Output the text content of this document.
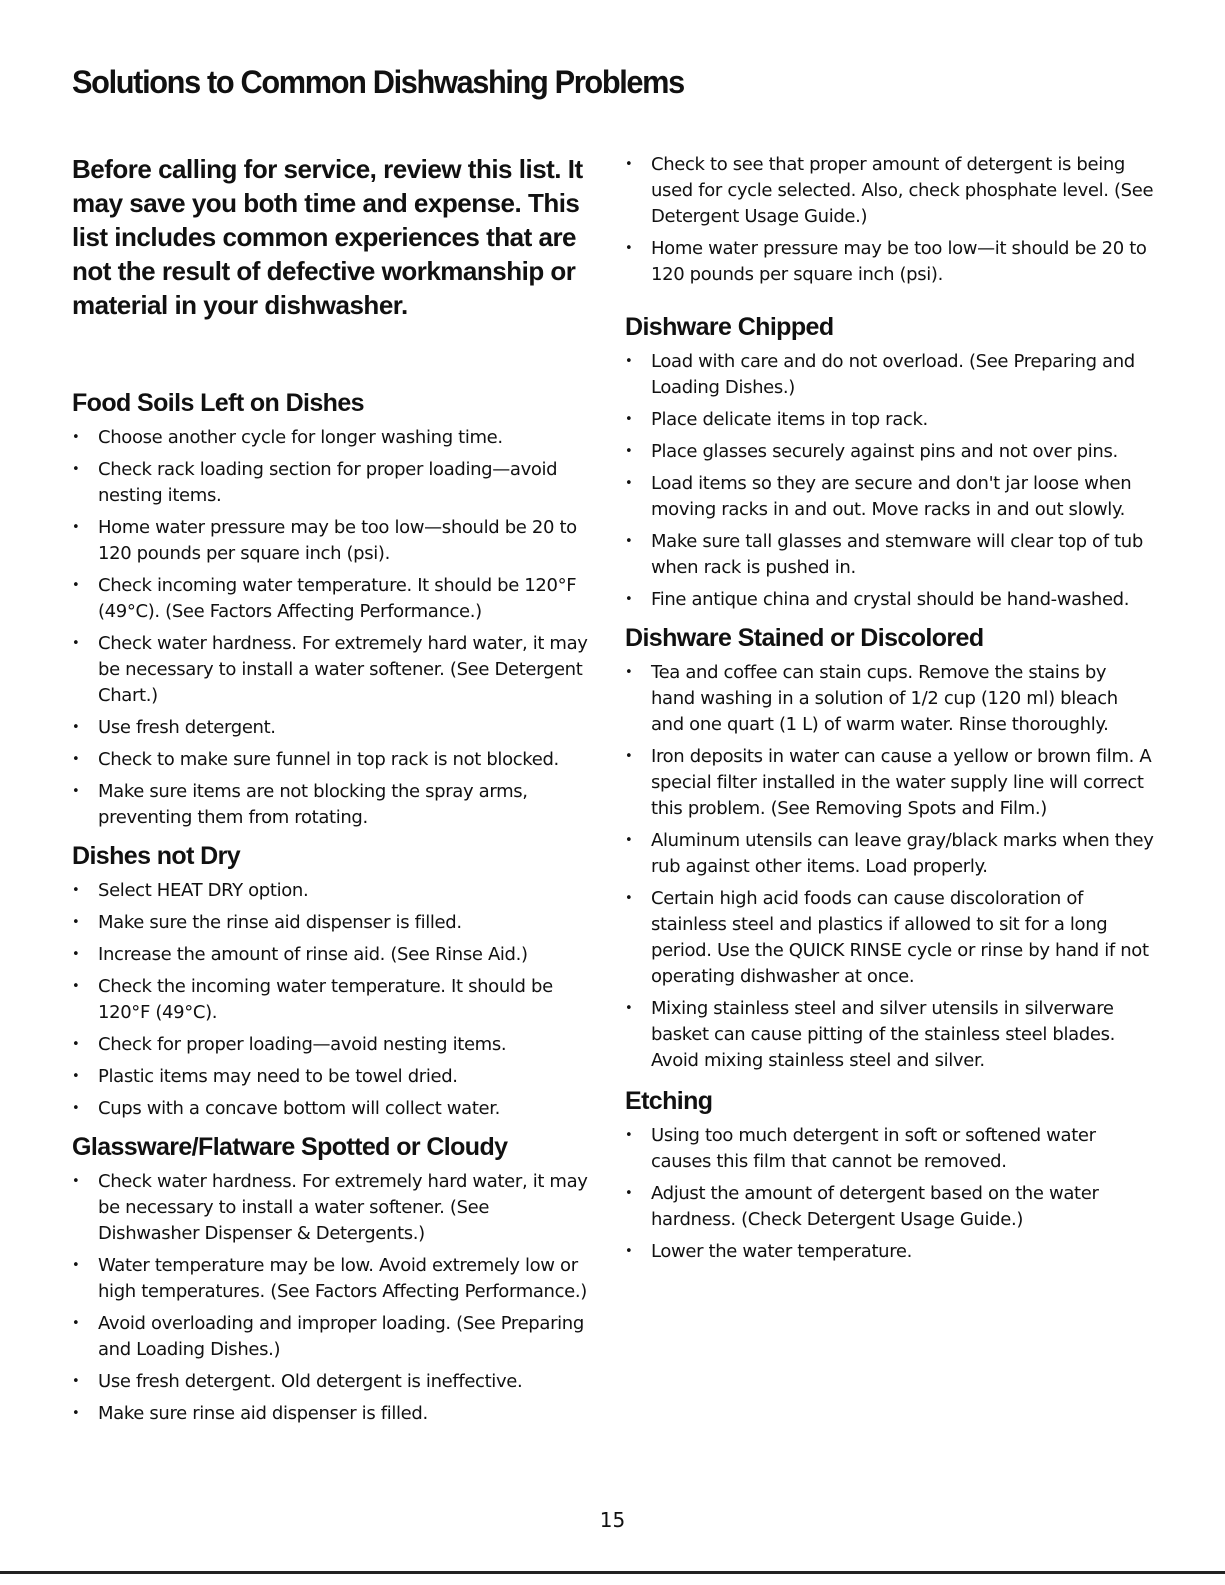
Solutions to Common Dishwashing Problems

Before calling for service, review this list. It may save you both time and expense. This list includes common experiences that are not the result of defective workmanship or material in your dishwasher.

Food Soils Left on Dishes
• Choose another cycle for longer washing time.
• Check rack loading section for proper loading—avoid nesting items.
• Home water pressure may be too low—should be 20 to 120 pounds per square inch (psi).
• Check incoming water temperature. It should be 120°F (49°C). (See Factors Affecting Performance.)
• Check water hardness. For extremely hard water, it may be necessary to install a water softener. (See Detergent Chart.)
• Use fresh detergent.
• Check to make sure funnel in top rack is not blocked.
• Make sure items are not blocking the spray arms, preventing them from rotating.
Dishes not Dry
• Select HEAT DRY option.
• Make sure the rinse aid dispenser is filled.
• Increase the amount of rinse aid. (See Rinse Aid.)
• Check the incoming water temperature. It should be 120°F (49°C).
• Check for proper loading—avoid nesting items.
• Plastic items may need to be towel dried.
• Cups with a concave bottom will collect water.
Glassware/Flatware Spotted or Cloudy
• Check water hardness. For extremely hard water, it may be necessary to install a water softener. (See Dishwasher Dispenser & Detergents.)
• Water temperature may be low. Avoid extremely low or high temperatures. (See Factors Affecting Performance.)
• Avoid overloading and improper loading. (See Preparing and Loading Dishes.)
• Use fresh detergent. Old detergent is ineffective.
• Make sure rinse aid dispenser is filled.
• Check to see that proper amount of detergent is being used for cycle selected. Also, check phosphate level. (See Detergent Usage Guide.)
• Home water pressure may be too low—it should be 20 to 120 pounds per square inch (psi).
Dishware Chipped
• Load with care and do not overload. (See Preparing and Loading Dishes.)
• Place delicate items in top rack.
• Place glasses securely against pins and not over pins.
• Load items so they are secure and don't jar loose when moving racks in and out. Move racks in and out slowly.
• Make sure tall glasses and stemware will clear top of tub when rack is pushed in.
• Fine antique china and crystal should be hand-washed.
Dishware Stained or Discolored
• Tea and coffee can stain cups. Remove the stains by hand washing in a solution of 1/2 cup (120 ml) bleach and one quart (1 L) of warm water. Rinse thoroughly.
• Iron deposits in water can cause a yellow or brown film. A special filter installed in the water supply line will correct this problem. (See Removing Spots and Film.)
• Aluminum utensils can leave gray/black marks when they rub against other items. Load properly.
• Certain high acid foods can cause discoloration of stainless steel and plastics if allowed to sit for a long period. Use the QUICK RINSE cycle or rinse by hand if not operating dishwasher at once.
• Mixing stainless steel and silver utensils in silverware basket can cause pitting of the stainless steel blades. Avoid mixing stainless steel and silver.
Etching
• Using too much detergent in soft or softened water causes this film that cannot be removed.
• Adjust the amount of detergent based on the water hardness. (Check Detergent Usage Guide.)
• Lower the water temperature.
15
